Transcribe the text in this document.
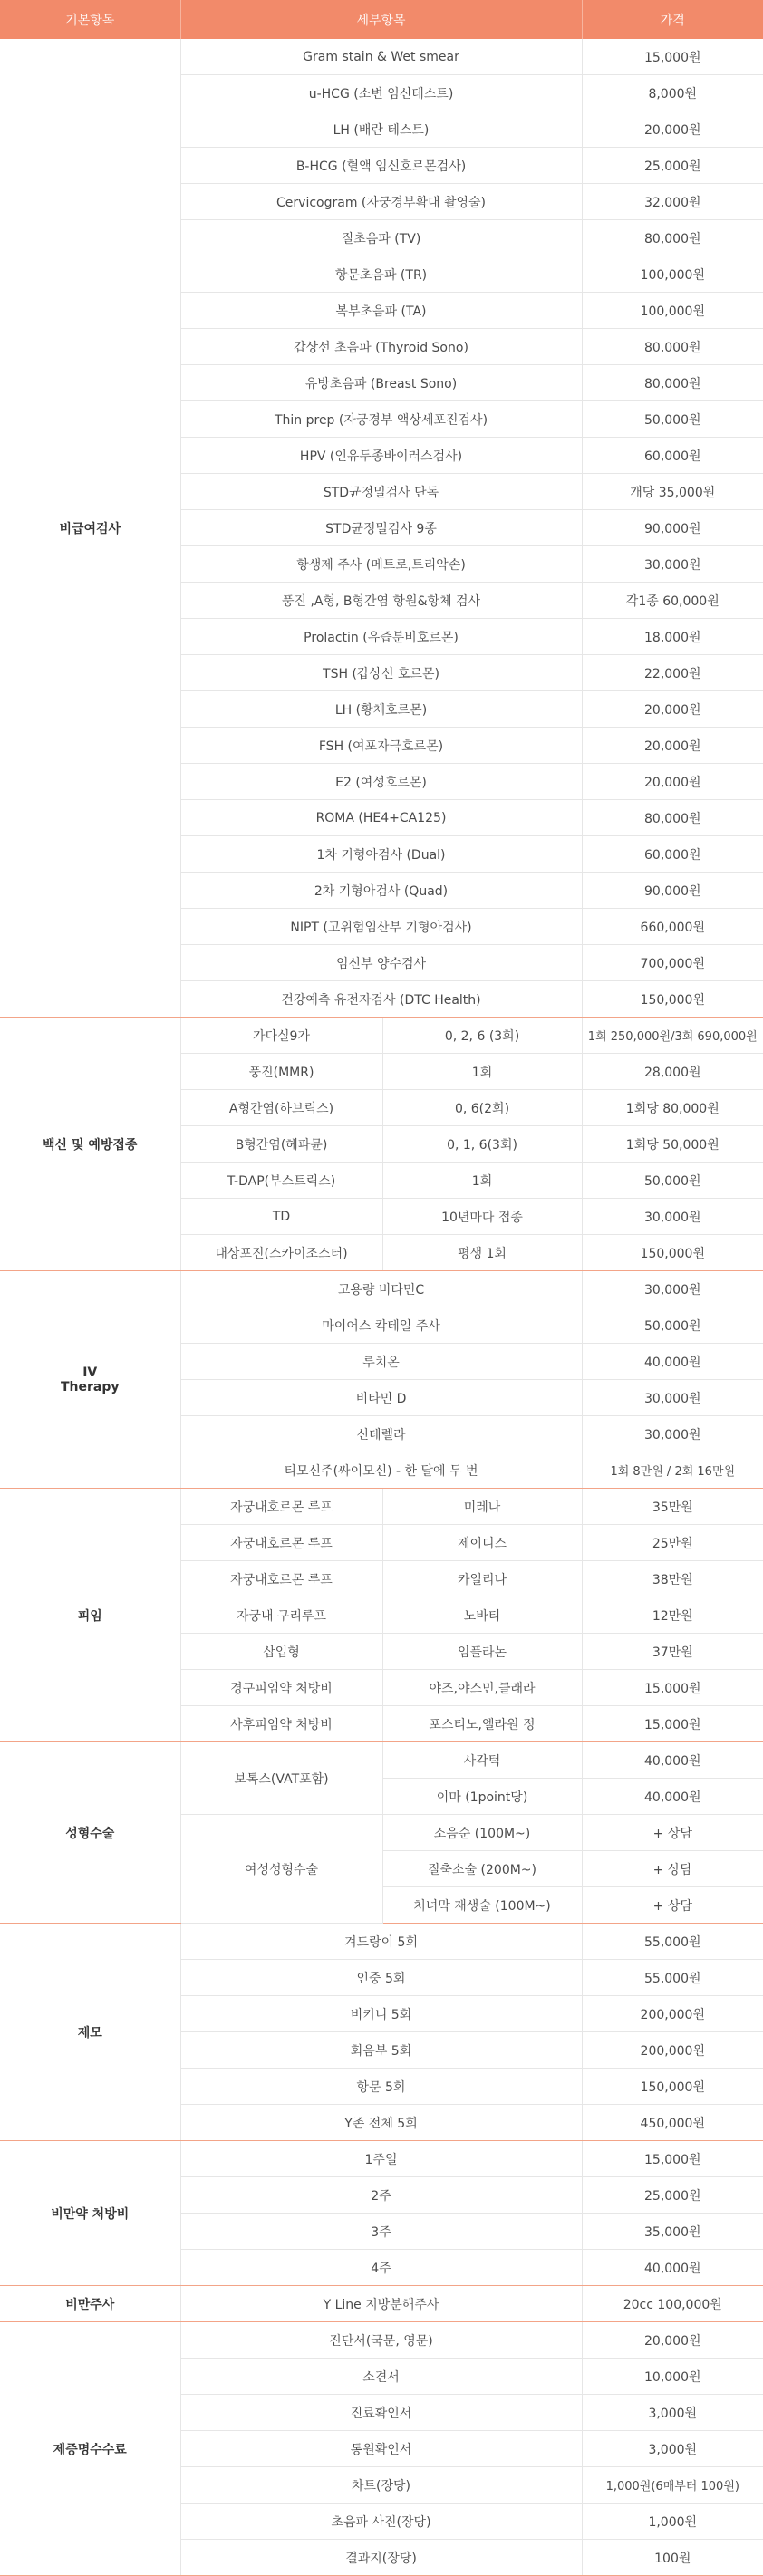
기본항목	세부항목		가격
비급여검사	Gram stain & Wet smear		15,000원
	u-HCG (소변 임신테스트)		8,000원
	LH (배란 테스트)		20,000원
	B-HCG (혈액 임신호르몬검사)		25,000원
	Cervicogram (자궁경부확대 촬영술)		32,000원
	질초음파 (TV)		80,000원
	항문초음파 (TR)		100,000원
	복부초음파 (TA)		100,000원
	갑상선 초음파 (Thyroid Sono)		80,000원
	유방초음파 (Breast Sono)		80,000원
	Thin prep (자궁경부 액상세포진검사)		50,000원
	HPV (인유두종바이러스검사)		60,000원
	STD균정밀검사 단독		개당 35,000원
	STD균정밀검사 9종		90,000원
	항생제 주사 (메트로,트리악손)		30,000원
	풍진 ,A형, B형간염 항원&항체 검사		각1종 60,000원
	Prolactin (유즙분비호르몬)		18,000원
	TSH (갑상선 호르몬)		22,000원
	LH (황체호르몬)		20,000원
	FSH (여포자극호르몬)		20,000원
	E2 (여성호르몬)		20,000원
	ROMA (HE4+CA125)		80,000원
	1차 기형아검사 (Dual)		60,000원
	2차 기형아검사 (Quad)		90,000원
	NIPT (고위험임산부 기형아검사)		660,000원
	임신부 양수검사		700,000원
	건강예측 유전자검사 (DTC Health)		150,000원
백신 및 예방접종	가다실9가	0, 2, 6 (3회)	1회 250,000원/3회 690,000원
	풍진(MMR)	1회	28,000원
	A형간염(하브릭스)	0, 6(2회)	1회당 80,000원
	B형간염(헤파뮨)	0, 1, 6(3회)	1회당 50,000원
	T-DAP(부스트릭스)	1회	50,000원
	TD	10년마다 접종	30,000원
	대상포진(스카이조스터)	평생 1회	150,000원
IV
Therapy	고용량 비타민C		30,000원
	마이어스 칵테일 주사		50,000원
	루치온		40,000원
	비타민 D		30,000원
	신데렐라		30,000원
	티모신주(싸이모신) - 한 달에 두 번		1회 8만원 / 2회 16만원
피임	자궁내호르몬 루프	미레나	35만원
	자궁내호르몬 루프	제이디스	25만원
	자궁내호르몬 루프	카일리나	38만원
	자궁내 구리루프	노바티	12만원
	삽입형	임플라논	37만원
	경구피임약 처방비	야즈,야스민,클래라	15,000원
	사후피임약 처방비	포스티노,엘라원 정	15,000원
성형수술	보톡스(VAT포함)	사각턱	40,000원
		이마 (1point당)	40,000원
	여성성형수술	소음순 (100M~)	+ 상담
		질축소술 (200M~)	+ 상담
		처녀막 재생술 (100M~)	+ 상담
제모	겨드랑이 5회		55,000원
	인중 5회		55,000원
	비키니 5회		200,000원
	회음부 5회		200,000원
	항문 5회		150,000원
	Y존 전체 5회		450,000원
비만약 처방비	1주일		15,000원
	2주		25,000원
	3주		35,000원
	4주		40,000원
비만주사	Y Line 지방분해주사		20cc 100,000원
제증명수수료	진단서(국문, 영문)		20,000원
	소견서		10,000원
	진료확인서		3,000원
	통원확인서		3,000원
	차트(장당)		1,000원(6매부터 100원)
	초음파 사진(장당)		1,000원
	결과지(장당)		100원
